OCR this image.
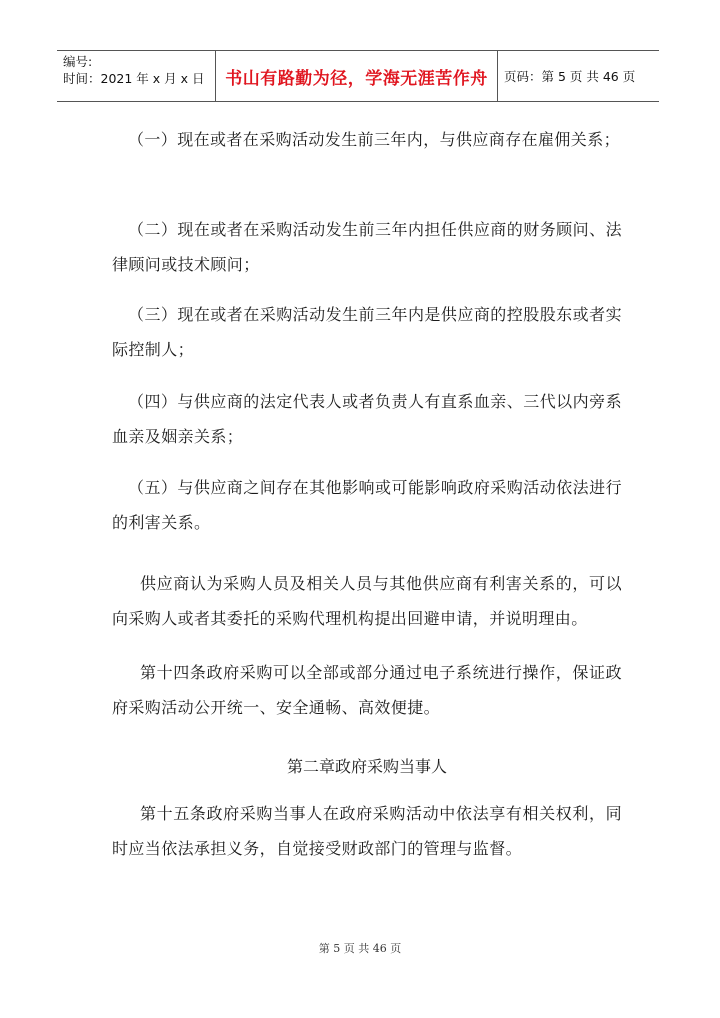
编号:
时间：2021 年 x 月 x 日	书山有路勤为径，学海无涯苦作舟	页码：第 5 页 共 46 页

（一）现在或者在采购活动发生前三年内，与供应商存在雇佣关系；

（二）现在或者在采购活动发生前三年内担任供应商的财务顾问、法律顾问或技术顾问；

（三）现在或者在采购活动发生前三年内是供应商的控股股东或者实际控制人；

（四）与供应商的法定代表人或者负责人有直系血亲、三代以内旁系血亲及姻亲关系；

（五）与供应商之间存在其他影响或可能影响政府采购活动依法进行的利害关系。

供应商认为采购人员及相关人员与其他供应商有利害关系的，可以向采购人或者其委托的采购代理机构提出回避申请，并说明理由。

第十四条政府采购可以全部或部分通过电子系统进行操作，保证政府采购活动公开统一、安全通畅、高效便捷。

第二章政府采购当事人

第十五条政府采购当事人在政府采购活动中依法享有相关权利，同时应当依法承担义务，自觉接受财政部门的管理与监督。

第 5 页 共 46 页
